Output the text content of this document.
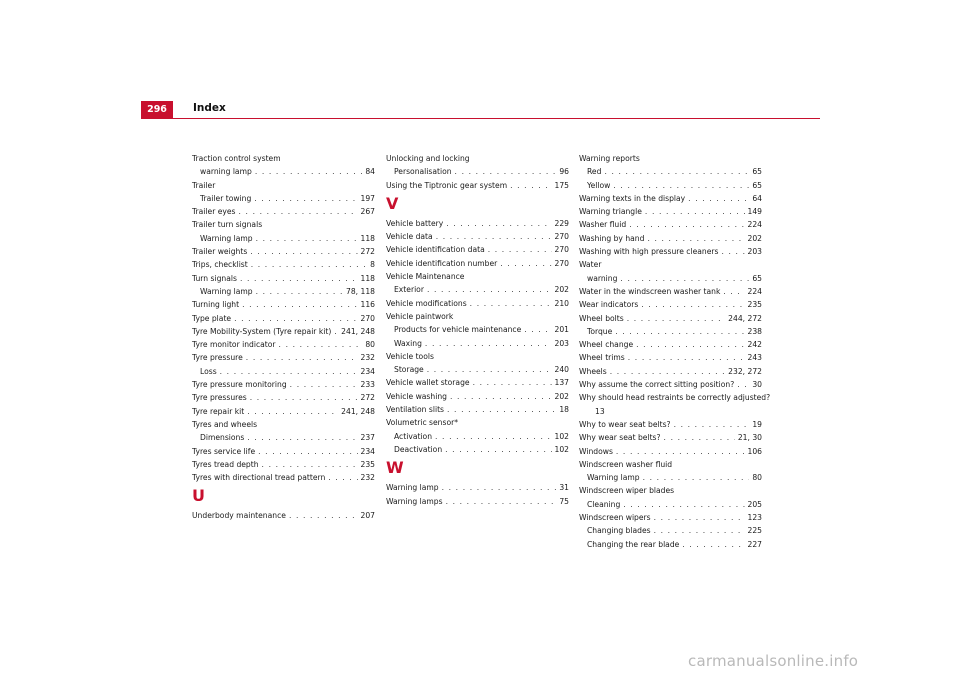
296	Index
Traction control system
warning lamp . . .	84
Trailer
Trailer towing . . .	197
Trailer eyes . . .	267
Trailer turn signals
Warning lamp . . .	118
Trailer weights . . .	272
Trips, checklist . . .	8
Turn signals . . .	118
Warning lamp . . .	78, 118
Turning light . . .	116
Type plate . . .	270
Tyre Mobility-System (Tyre repair kit) . . . 241, 248
Tyre monitor indicator . . .	80
Tyre pressure . . .	232
Loss . . .	234
Tyre pressure monitoring . . .	233
Tyre pressures . . .	272
Tyre repair kit . . .	241, 248
Tyres and wheels
Dimensions . . .	237
Tyres service life . . .	234
Tyres tread depth . . .	235
Tyres with directional tread pattern . . .	232
U
Underbody maintenance . . .	207
Unlocking and locking
Personalisation . . .	96
Using the Tiptronic gear system . . .	175
V
Vehicle battery . . .	229
Vehicle data . . .	270
Vehicle identification data . . .	270
Vehicle identification number . . .	270
Vehicle Maintenance
Exterior . . .	202
Vehicle modifications . . .	210
Vehicle paintwork
Products for vehicle maintenance . . .	201
Waxing . . .	203
Vehicle tools
Storage . . .	240
Vehicle wallet storage . . .	137
Vehicle washing . . .	202
Ventilation slits . . .	18
Volumetric sensor*
Activation . . .	102
Deactivation . . .	102
W
Warning lamp . . .	31
Warning lamps . . .	75
Warning reports
Red . . .	65
Yellow . . .	65
Warning texts in the display . . .	64
Warning triangle . . .	149
Washer fluid . . .	224
Washing by hand . . .	202
Washing with high pressure cleaners . . .	203
Water
warning . . .	65
Water in the windscreen washer tank . . .	224
Wear indicators . . .	235
Wheel bolts . . .	244, 272
Torque . . .	238
Wheel change . . .	242
Wheel trims . . .	243
Wheels . . .	232, 272
Why assume the correct sitting position? . . . 30
Why should head restraints be correctly adjusted?
13
Why to wear seat belts? . . .	19
Why wear seat belts? . . .	21, 30
Windows . . .	106
Windscreen washer fluid
Warning lamp . . .	80
Windscreen wiper blades
Cleaning . . .	205
Windscreen wipers . . .	123
Changing blades . . .	225
Changing the rear blade . . .	227
carmanualsonline.info
